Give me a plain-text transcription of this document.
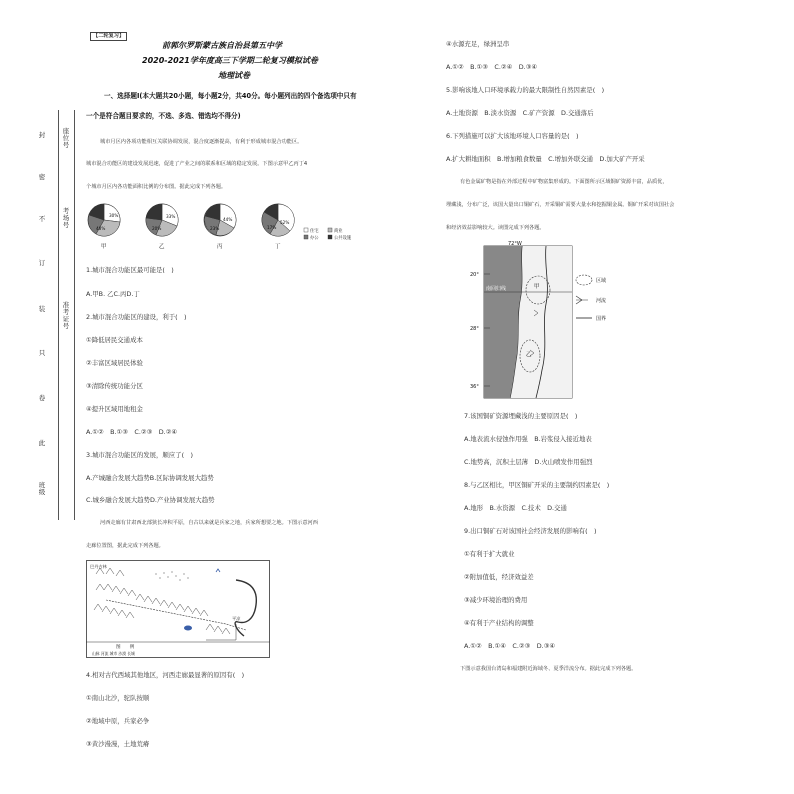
封
密
不
订
装
只
卷
此
座位号
考场号
准考证号
班级
【二轮复习】
前郭尔罗斯蒙古族自治县第五中学
2020-2021学年度高三下学期二轮复习模拟试卷
地理试卷
一、选择题Ⅰ(本大题共20小题，每小题2分，共40分。每小题列出的四个备选项中只有
一个是符合题目要求的，不选、多选、错选均不得分)
城市月区内各项功能相互关联协调发展，混合度逐渐提高，有利于形成城市混合功能区。
城市混合功能区的建设发展迅速，促进了产业之间的联系和区域的稳定发展。下图示意甲乙丙丁4
个城市月区内各功能面积比例的分布图。据此完成下列各题。
48%
30%
甲
33%
20%
乙
44%
23%
丙
52%
17%
丁
住宅	商业
办公	公共设施
1.城市混合功能区最可能是(　)
A.甲B. 乙C.丙D.丁
2.城市混合功能区的建设，利于(　)
①降低居民交通成本
②丰富区域居民体验
③清除传统功能分区
④提升区域用地租金
A.①②　B.①③　C.②③　D.②④
3.城市混合功能区的发展，顺应了(　)
A.产城融合发展大趋势B.区际协调发展大趋势
C.城乡融合发展大趋势D.产业协调发展大趋势
河西走廊有甘肃西北部狭长冲积平原，自古以来就是兵家之地，兵家所想要之地。下图示意河西
走廊位置图，据此完成下列各题。
巴丹吉林
平凉
图　　例
山脉 河流 城市 沙漠 长城
4.相对古代西域其他地区，河西走廊最显著的原因有(　)
①南山北沙，驼队按顺
②地域中原，兵家必争
③黄沙漫漫，土地荒瘠
④水源充足，绿洲呈串
A.①②　B.①③　C.②④　D.③④
5.影响该地人口环境承载力的最大限制性自然因素是(　)
A.土地资源　B.淡水资源　C.矿产资源　D.交通落后
6.下列措施可以扩大该地环境人口容量的是(　)
A.扩大耕地面积　B.增加粮食数量　C.增加外联交通　D.加大矿产开采
有色金属矿物是指在外部过程中矿物富集形成的。下面图所示区域铜矿资源丰富，品质优，
埋藏浅，分布广泛，该国大量出口铜矿石，开采铜矿需要大量水和挖掘铜金属。铜矿开采对该国社会
和经济效益影响较大。读图完成下列各题。
72°W
20°
28°
36°
南回归线	甲
乙
区域
河流
国界
7.该国铜矿资源埋藏浅的主要原因是(　)
A.地表流水侵蚀作用强　B.岩浆侵入接近地表
C.地势高，沉积土层薄　D.火山喷发作用强烈
8.与乙区相比，甲区铜矿开采的主要制约因素是(　)
A.地形　B.水资源　C.技术　D.交通
9.出口铜矿石对该国社会经济发展的影响有(　)
①有利于扩大就业
②附加值低，经济效益差
③减少环境治理的费用
④有利于产业结构的调整
A.①②　B.①④　C.②③　D.③④
下图示意我国台湾岛和福建附近海域冬、夏季洋流分布。据此完成下列各题。
